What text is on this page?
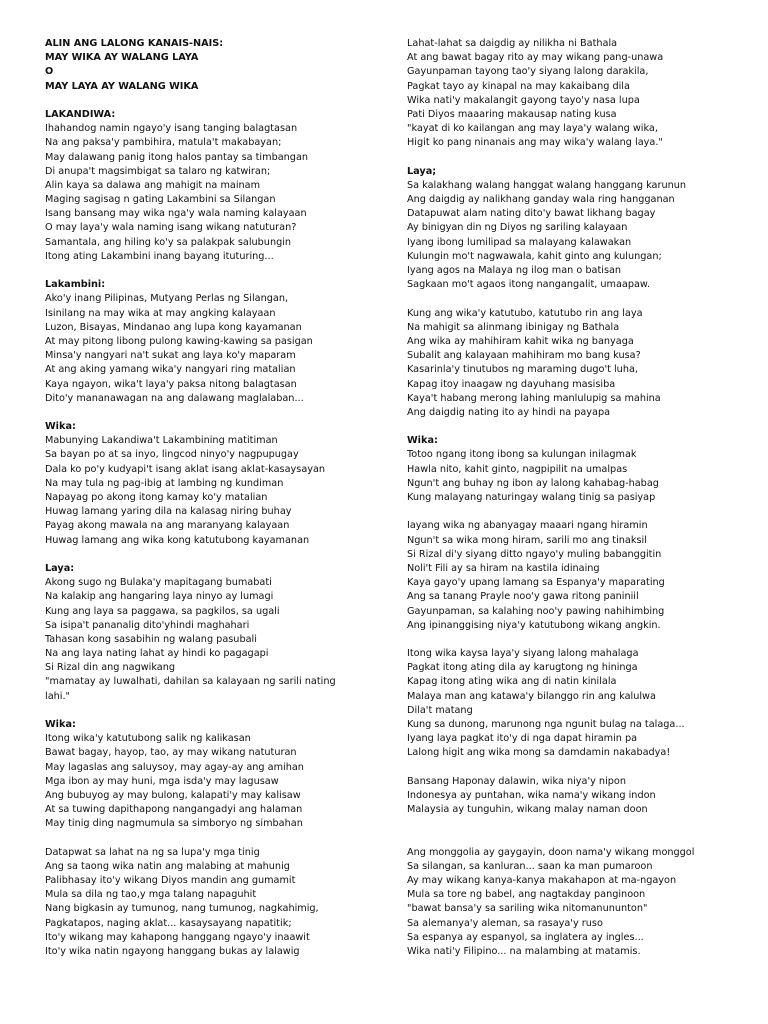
ALIN ANG LALONG KANAIS-NAIS:
MAY WIKA AY WALANG LAYA
O
MAY LAYA AY WALANG WIKA
LAKANDIWA:
Ihahandog namin ngayo'y isang tanging balagtasan
Na ang paksa'y pambihira, matula't makabayan;
May dalawang panig itong halos pantay sa timbangan
Di anupa't magsimbigat sa talaro ng katwiran;
Alin kaya sa dalawa ang mahigit na mainam
Maging sagisag n gating Lakambini sa Silangan
Isang bansang may wika nga'y wala naming kalayaan
O may laya'y wala naming isang wikang natuturan?
Samantala, ang hiling ko'y sa palakpak salubungin
Itong ating Lakambini inang bayang ituturing...
Lakambini:
Ako'y inang Pilipinas, Mutyang Perlas ng Silangan,
Isinilang na may wika at may angking kalayaan
Luzon, Bisayas, Mindanao ang lupa kong kayamanan
At may pitong libong pulong kawing-kawing sa pasigan
Minsa'y nangyari na't sukat ang laya ko'y maparam
At ang aking yamang wika'y nangyari ring matalian
Kaya ngayon, wika't laya'y paksa nitong balagtasan
Dito'y mananawagan na ang dalawang maglalaban...
Wika:
Mabunying Lakandiwa't Lakambining matitiman
Sa bayan po at sa inyo, lingcod ninyo'y nagpupugay
Dala ko po'y kudyapi't isang aklat isang aklat-kasaysayan
Na may tula ng pag-ibig at lambing ng kundiman
Napayag po akong itong kamay ko'y matalian
Huwag lamang yaring dila na kalasag niring buhay
Payag akong mawala na ang maranyang kalayaan
Huwag lamang ang wika kong katutubong kayamanan
Laya:
Akong sugo ng Bulaka'y mapitagang bumabati
Na kalakip ang hangaring laya ninyo ay lumagi
Kung ang laya sa paggawa, sa pagkilos, sa ugali
Sa isipa't pananalig dito'yhindi maghahari
Tahasan kong sasabihin ng walang pasubali
Na ang laya nating lahat ay hindi ko pagagapi
Si Rizal din ang nagwikang
"mamatay ay luwalhati, dahilan sa kalayaan ng sarili nating
lahi."
Wika:
Itong wika'y katutubong salik ng kalikasan
Bawat bagay, hayop, tao, ay may wikang natuturan
May lagaslas ang saluysoy, may agay-ay ang amihan
Mga ibon ay may huni, mga isda'y may lagusaw
Ang bubuyog ay may bulong, kalapati'y may kalisaw
At sa tuwing dapithapong nangangadyi ang halaman
May tinig ding nagmumula sa simboryo ng simbahan
Datapwat sa lahat na ng sa lupa'y mga tinig
Ang sa taong wika natin ang malabing at mahunig
Palibhasay ito'y wikang Diyos mandin ang gumamit
Mula sa dila ng tao,y mga talang napaguhit
Nang bigkasin ay tumunog, nang tumunog, nagkahimig,
Pagkatapos, naging aklat... kasaysayang napatitik;
Ito'y wikang may kahapong hanggang ngayo'y inaawit
Ito'y wika natin ngayong hanggang bukas ay lalawig
Lahat-lahat sa daigdig ay nilikha ni Bathala
At ang bawat bagay rito ay may wikang pang-unawa
Gayunpaman tayong tao'y siyang lalong darakila,
Pagkat tayo ay kinapal na may kakaibang dila
Wika nati'y makalangit gayong tayo'y nasa lupa
Pati Diyos maaaring makausap nating kusa
"kayat di ko kailangan ang may laya'y walang wika,
Higit ko pang ninanais ang may wika'y walang laya."
Laya;
Sa kalakhang walang hanggat walang hanggang karunun
Ang daigdig ay nalikhang ganday wala ring hangganan
Datapuwat alam nating dito'y bawat likhang bagay
Ay binigyan din ng Diyos ng sariling kalayaan
Iyang ibong lumilipad sa malayang kalawakan
Kulungin mo't nagwawala, kahit ginto ang kulungan;
Iyang agos na Malaya ng ilog man o batisan
Sagkaan mo't agaos itong nangangalit, umaapaw.
Kung ang wika'y katutubo, katutubo rin ang laya
Na mahigit sa alinmang ibinigay ng Bathala
Ang wika ay mahihiram kahit wika ng banyaga
Subalit ang kalayaan mahihiram mo bang kusa?
Kasarinla'y tinutubos ng maraming dugo't luha,
Kapag itoy inaagaw ng dayuhang masisiba
Kaya't habang merong lahing manlulupig sa mahina
Ang daigdig nating ito ay hindi na payapa
Wika:
Totoo ngang itong ibong sa kulungan inilagmak
Hawla nito, kahit ginto, nagpipilit na umalpas
Ngun't ang buhay ng ibon ay lalong kahabag-habag
Kung malayang naturingay walang tinig sa pasiyap
Iayang wika ng abanyagay maaari ngang hiramin
Ngun't sa wika mong hiram, sarili mo ang tinaksil
Si Rizal di'y siyang ditto ngayo'y muling babanggitin
Noli't Fili ay sa hiram na kastila idinaing
Kaya gayo'y upang lamang sa Espanya'y maparating
Ang sa tanang Prayle noo'y gawa ritong paniniil
Gayunpaman, sa kalahing noo'y pawing nahihimbing
Ang ipinanggising niya'y katutubong wikang angkin.
Itong wika kaysa laya'y siyang lalong mahalaga
Pagkat itong ating dila ay karugtong ng hininga
Kapag itong ating wika ang di natin kinilala
Malaya man ang katawa'y bilanggo rin ang kalulwa
Dila't matang
Kung sa dunong, marunong nga ngunit bulag na talaga...
Iyang laya pagkat ito'y di nga dapat hiramin pa
Lalong higit ang wika mong sa damdamin nakabadya!
Bansang Haponay dalawin, wika niya'y nipon
Indonesya ay puntahan, wika nama'y wikang indon
Malaysia ay tunguhin, wikang malay naman doon
Ang monggolia ay gaygayin, doon nama'y wikang monggol
Sa silangan, sa kanluran... saan ka man pumaroon
Ay may wikang kanya-kanya makahapon at ma-ngayon
Mula sa tore ng babel, ang nagtakday panginoon
"bawat bansa'y sa sariling wika nitomanununton"
Sa alemanya'y aleman, sa rasaya'y ruso
Sa espanya ay espanyol, sa inglatera ay ingles...
Wika nati'y Filipino... na malambing at matamis.
